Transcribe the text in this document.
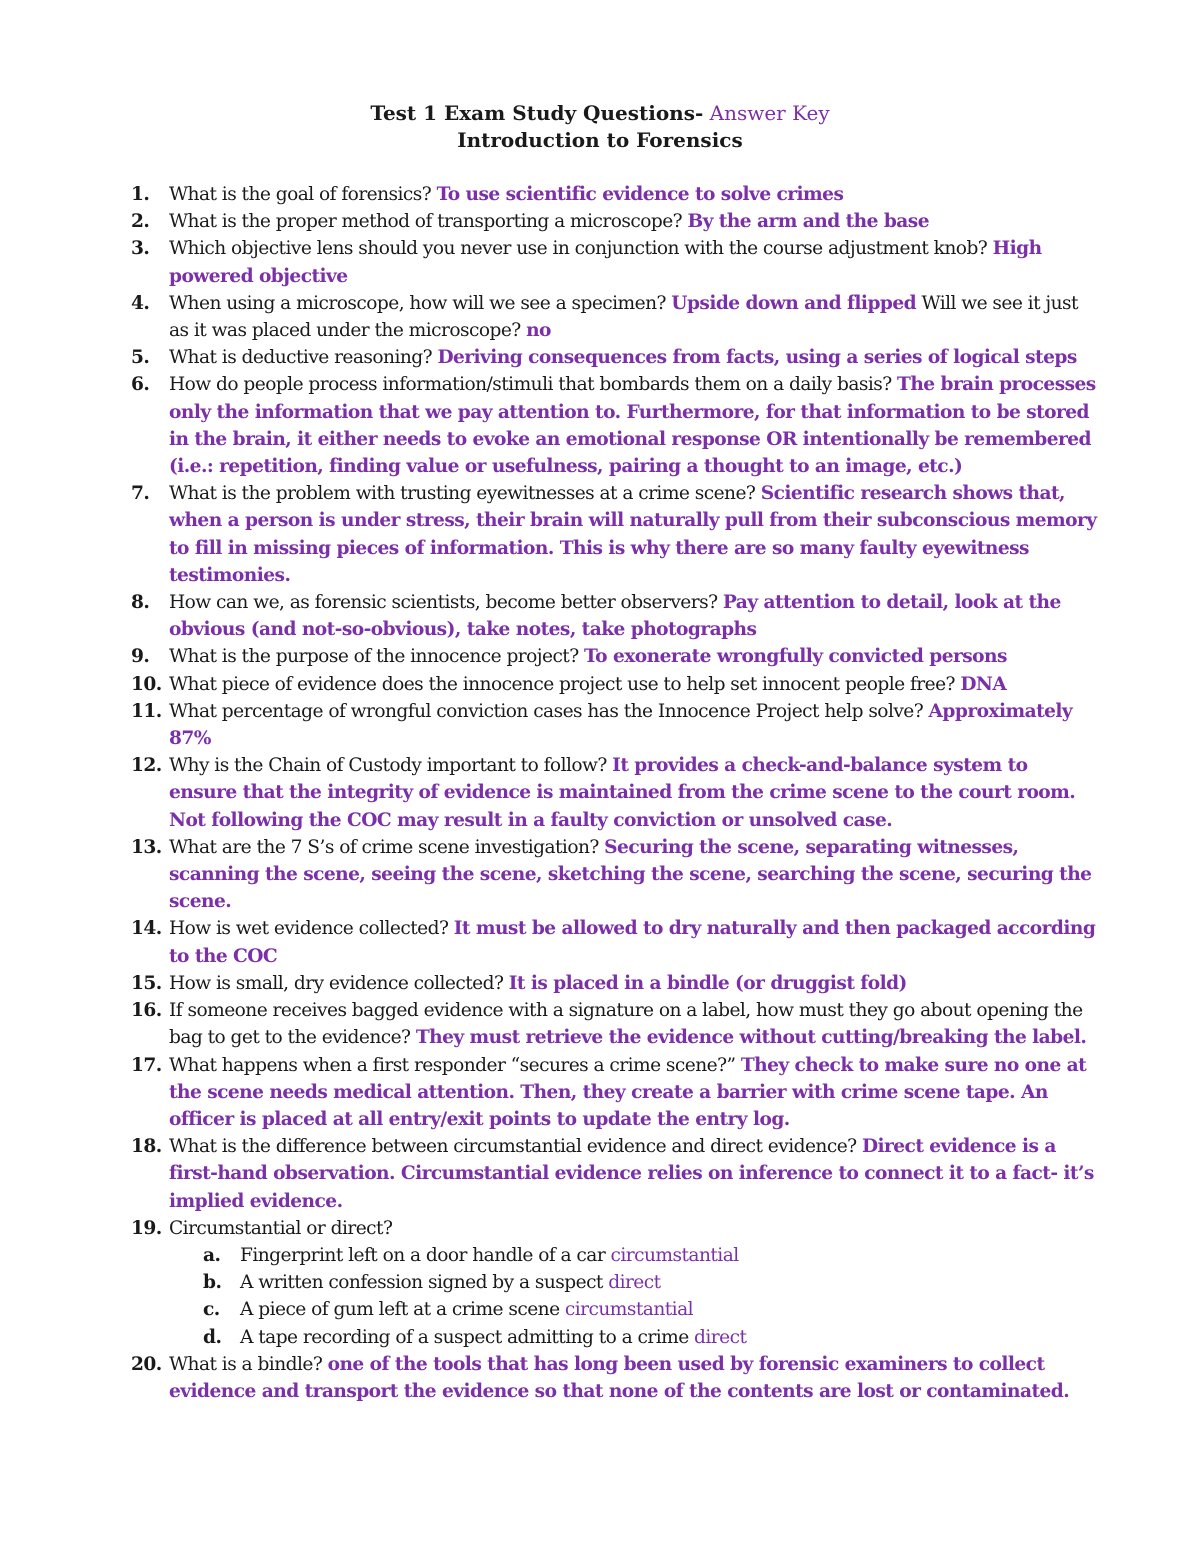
Test 1 Exam Study Questions- Answer Key
Introduction to Forensics
1.	What is the goal of forensics? To use scientific evidence to solve crimes
2.	What is the proper method of transporting a microscope? By the arm and the base
3.	Which objective lens should you never use in conjunction with the course adjustment knob? High powered objective
4.	When using a microscope, how will we see a specimen? Upside down and flipped Will we see it just as it was placed under the microscope? no
5.	What is deductive reasoning? Deriving consequences from facts, using a series of logical steps
6.	How do people process information/stimuli that bombards them on a daily basis? The brain processes only the information that we pay attention to. Furthermore, for that information to be stored in the brain, it either needs to evoke an emotional response OR intentionally be remembered (i.e.: repetition, finding value or usefulness, pairing a thought to an image, etc.)
7.	What is the problem with trusting eyewitnesses at a crime scene? Scientific research shows that, when a person is under stress, their brain will naturally pull from their subconscious memory to fill in missing pieces of information. This is why there are so many faulty eyewitness testimonies.
8.	How can we, as forensic scientists, become better observers? Pay attention to detail, look at the obvious (and not-so-obvious), take notes, take photographs
9.	What is the purpose of the innocence project? To exonerate wrongfully convicted persons
10. What piece of evidence does the innocence project use to help set innocent people free? DNA
11. What percentage of wrongful conviction cases has the Innocence Project help solve? Approximately 87%
12. Why is the Chain of Custody important to follow? It provides a check-and-balance system to ensure that the integrity of evidence is maintained from the crime scene to the court room. Not following the COC may result in a faulty conviction or unsolved case.
13. What are the 7 S’s of crime scene investigation? Securing the scene, separating witnesses, scanning the scene, seeing the scene, sketching the scene, searching the scene, securing the scene.
14. How is wet evidence collected? It must be allowed to dry naturally and then packaged according to the COC
15. How is small, dry evidence collected? It is placed in a bindle (or druggist fold)
16. If someone receives bagged evidence with a signature on a label, how must they go about opening the bag to get to the evidence? They must retrieve the evidence without cutting/breaking the label.
17. What happens when a first responder “secures a crime scene?” They check to make sure no one at the scene needs medical attention. Then, they create a barrier with crime scene tape. An officer is placed at all entry/exit points to update the entry log.
18. What is the difference between circumstantial evidence and direct evidence? Direct evidence is a first-hand observation. Circumstantial evidence relies on inference to connect it to a fact- it’s implied evidence.
19. Circumstantial or direct?
a. Fingerprint left on a door handle of a car circumstantial
b. A written confession signed by a suspect direct
c. A piece of gum left at a crime scene circumstantial
d. A tape recording of a suspect admitting to a crime direct
20. What is a bindle? one of the tools that has long been used by forensic examiners to collect evidence and transport the evidence so that none of the contents are lost or contaminated.
